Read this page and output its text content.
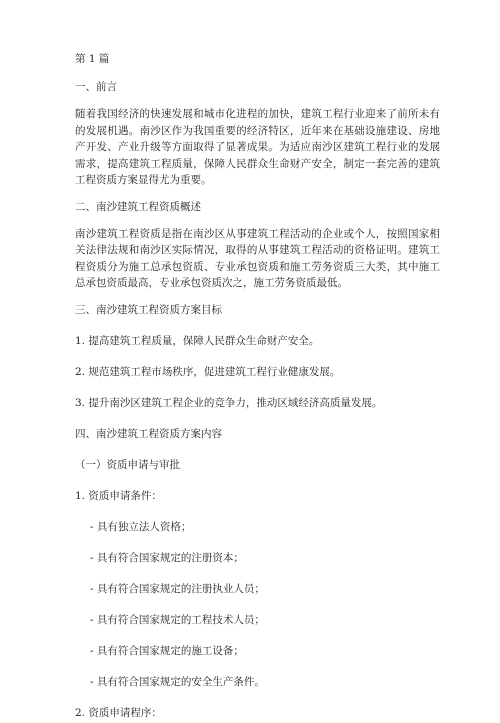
第 1 篇
一、前言
随着我国经济的快速发展和城市化进程的加快，建筑工程行业迎来了前所未有的发展机遇。南沙区作为我国重要的经济特区，近年来在基础设施建设、房地产开发、产业升级等方面取得了显著成果。为适应南沙区建筑工程行业的发展需求，提高建筑工程质量，保障人民群众生命财产安全，制定一套完善的建筑工程资质方案显得尤为重要。
二、南沙建筑工程资质概述
南沙建筑工程资质是指在南沙区从事建筑工程活动的企业或个人，按照国家相关法律法规和南沙区实际情况，取得的从事建筑工程活动的资格证明。建筑工程资质分为施工总承包资质、专业承包资质和施工劳务资质三大类，其中施工总承包资质最高，专业承包资质次之，施工劳务资质最低。
三、南沙建筑工程资质方案目标
1. 提高建筑工程质量，保障人民群众生命财产安全。
2. 规范建筑工程市场秩序，促进建筑工程行业健康发展。
3. 提升南沙区建筑工程企业的竞争力，推动区域经济高质量发展。
四、南沙建筑工程资质方案内容
（一）资质申请与审批
1. 资质申请条件：
- 具有独立法人资格；
- 具有符合国家规定的注册资本；
- 具有符合国家规定的注册执业人员；
- 具有符合国家规定的工程技术人员；
- 具有符合国家规定的施工设备；
- 具有符合国家规定的安全生产条件。
2. 资质申请程序：
